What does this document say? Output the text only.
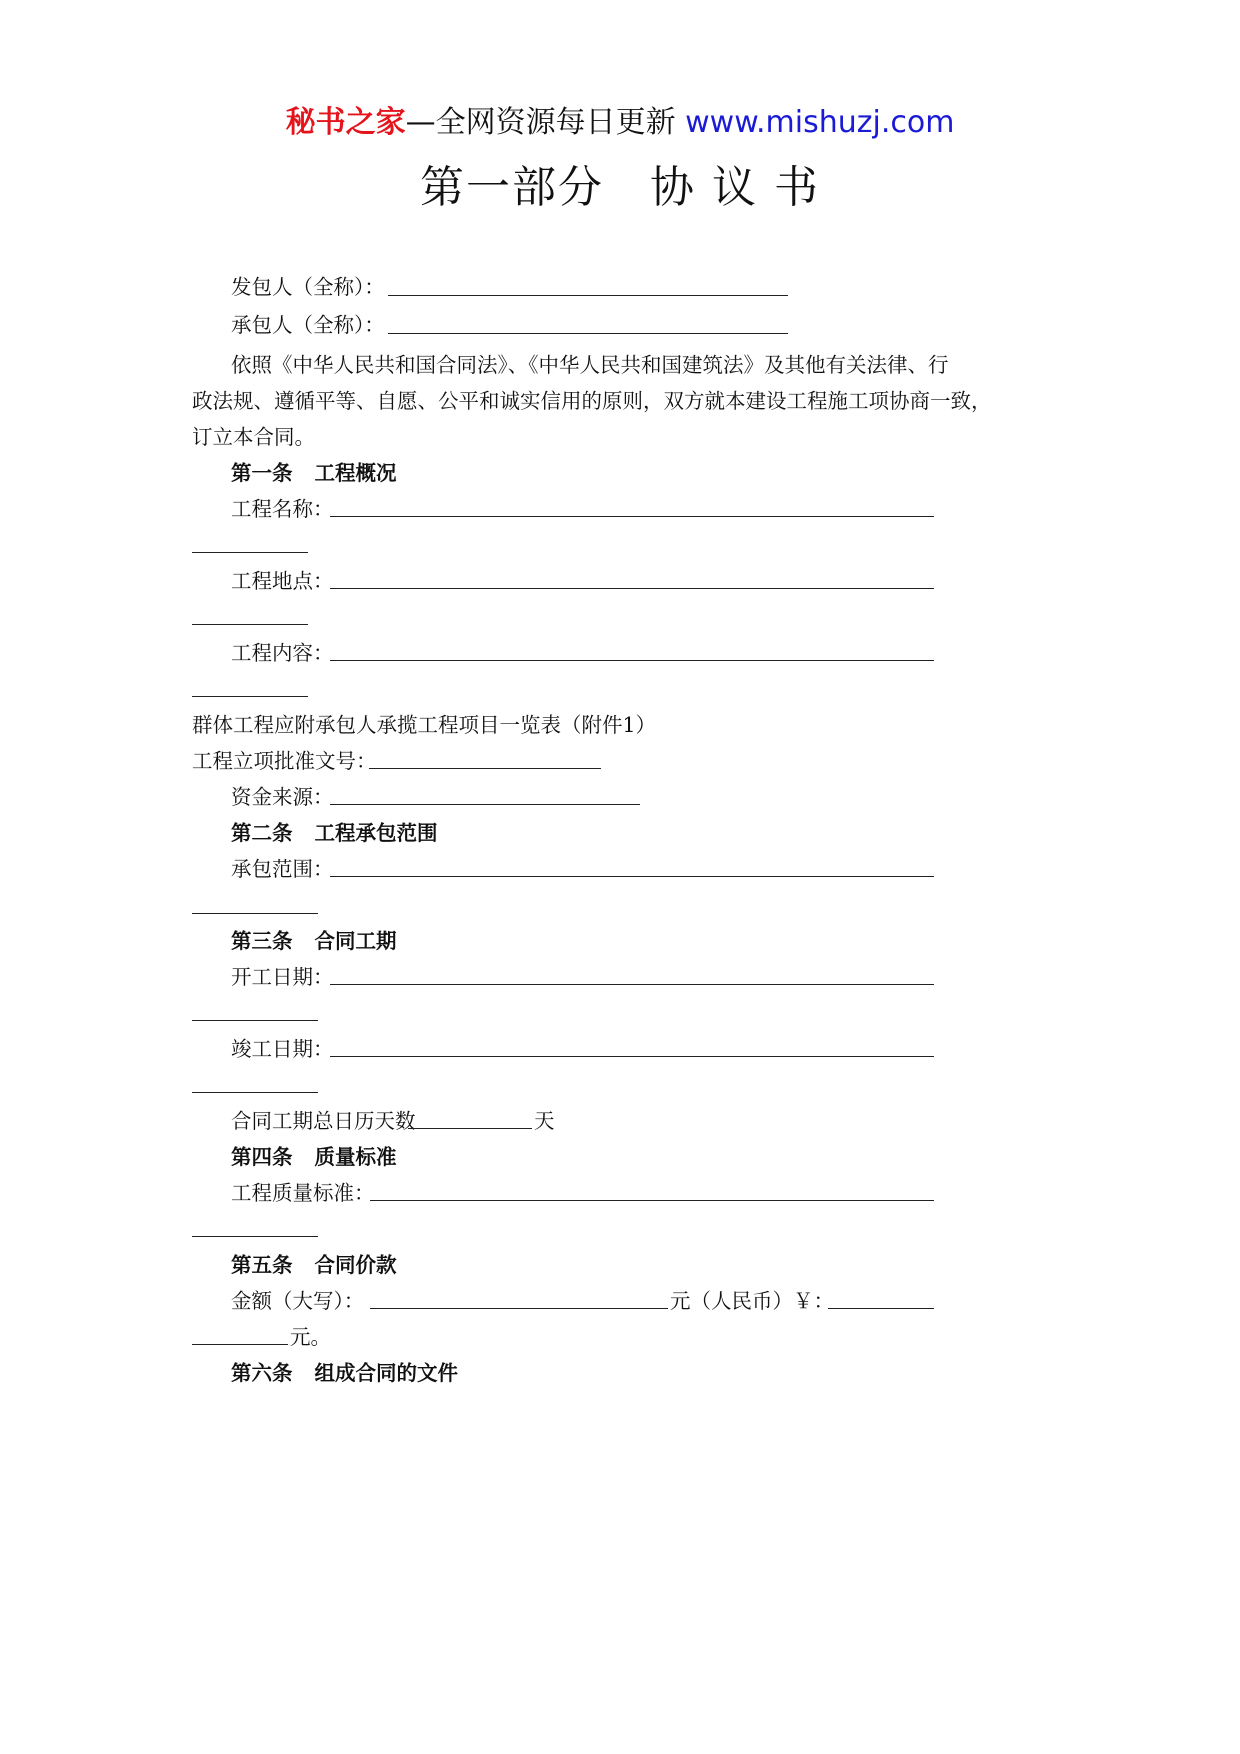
秘书之家—全网资源每日更新 www.mishuzj.com
第一部分　协 议 书
发包人（全称）：
承包人（全称）：
依照《中华人民共和国合同法》、《中华人民共和国建筑法》及其他有关法律、行
政法规、遵循平等、自愿、公平和诚实信用的原则，双方就本建设工程施工项协商一致，
订立本合同。
第一条 工程概况
工程名称：
工程地点：
工程内容：
群体工程应附承包人承揽工程项目一览表（附件1）
工程立项批准文号：
资金来源：
第二条 工程承包范围
承包范围：
第三条 合同工期
开工日期：
竣工日期：
合同工期总日历天数	天
第四条 质量标准
工程质量标准：
第五条 合同价款
金额（大写）：	元（人民币）￥：
元。
第六条 组成合同的文件
